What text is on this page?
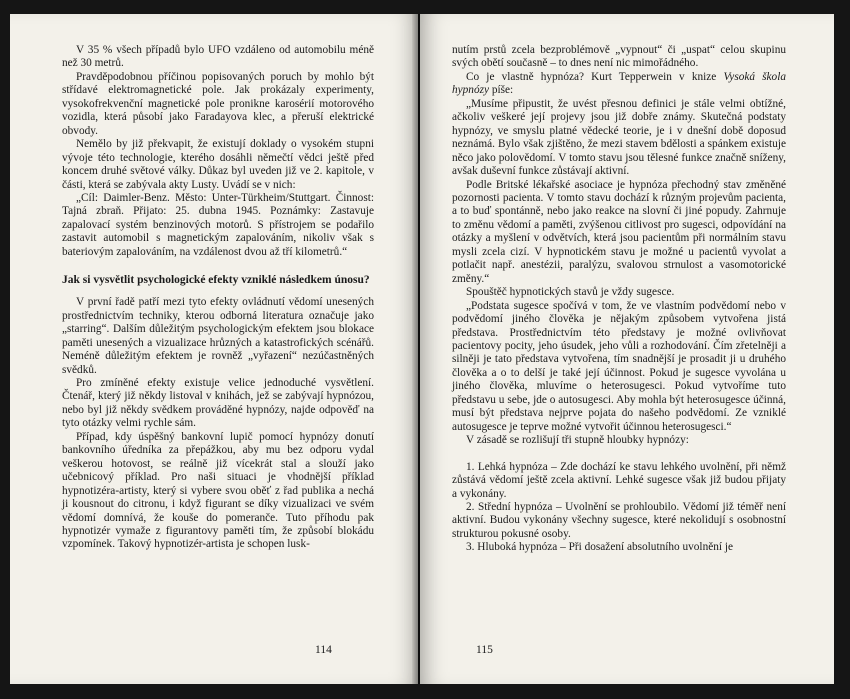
V 35 % všech případů bylo UFO vzdáleno od automobilu méně než 30 metrů.

Pravděpodobnou příčinou popisovaných poruch by mohlo být střídavé elektromagnetické pole. Jak prokázaly experimenty, vysokofrekvenční magnetické pole pronikne karosérií motorového vozidla, která působí jako Faradayova klec, a přeruší elektrické obvody.

Nemělo by již překvapit, že existují doklady o vysokém stupni vývoje této technologie, kterého dosáhli němečtí vědci ještě před koncem druhé světové války. Důkaz byl uveden již ve 2. kapitole, v části, která se zabývala akty Lusty. Uvádí se v nich:

„Cíl: Daimler-Benz. Město: Unter-Türkheim/Stuttgart. Činnost: Tajná zbraň. Přijato: 25. dubna 1945. Poznámky: Zastavuje zapalovací systém benzinových motorů. S přístrojem se podařilo zastavit automobil s magnetickým zapalováním, nikoliv však s bateriovým zapalováním, na vzdálenost dvou až tří kilometrů.“

Jak si vysvětlit psychologické efekty vzniklé následkem únosu?

V první řadě patří mezi tyto efekty ovládnutí vědomí unesených prostřednictvím techniky, kterou odborná literatura označuje jako „starring“. Dalším důležitým psychologickým efektem jsou blokace paměti unesených a vizualizace hrůzných a katastrofických scénářů. Neméně důležitým efektem je rovněž „vyřazení“ nezúčastněných svědků.

Pro zmíněné efekty existuje velice jednoduché vysvětlení. Čtenář, který již někdy listoval v knihách, jež se zabývají hypnózou, nebo byl již někdy svědkem prováděné hypnózy, najde odpověď na tyto otázky velmi rychle sám.

Případ, kdy úspěšný bankovní lupič pomocí hypnózy donutí bankovního úředníka za přepážkou, aby mu bez odporu vydal veškerou hotovost, se reálně již vícekrát stal a slouží jako učebnicový příklad. Pro naši situaci je vhodnější příklad hypnotizéra-artisty, který si vybere svou oběť z řad publika a nechá ji kousnout do citronu, i když figurant se díky vizualizaci ve svém vědomí domnívá, že kouše do pomeranče. Tuto příhodu pak hypnotizér vymaže z figurantovy paměti tím, že způsobí blokádu vzpomínek. Takový hypnotizér-artista je schopen lusk-

114

nutím prstů zcela bezproblémově „vypnout“ či „uspat“ celou skupinu svých obětí současně – to dnes není nic mimořádného.

Co je vlastně hypnóza? Kurt Tepperwein v knize Vysoká škola hypnózy píše:

„Musíme připustit, že uvést přesnou definici je stále velmi obtížné, ačkoliv veškeré její projevy jsou již dobře známy. Skutečná podstaty hypnózy, ve smyslu platné vědecké teorie, je i v dnešní době doposud neznámá. Bylo však zjištěno, že mezi stavem bdělosti a spánkem existuje něco jako polovědomí. V tomto stavu jsou tělesné funkce značně sníženy, avšak duševní funkce zůstávají aktivní.

Podle Britské lékařské asociace je hypnóza přechodný stav změněné pozornosti pacienta. V tomto stavu dochází k různým projevům pacienta, a to buď spontánně, nebo jako reakce na slovní či jiné popudy. Zahrnuje to změnu vědomí a paměti, zvýšenou citlivost pro sugesci, odpovídání na otázky a myšlení v odvětvích, která jsou pacientům při normálním stavu mysli zcela cizí. V hypnotickém stavu je možné u pacientů vyvolat a potlačit např. anestézii, paralýzu, svalovou strnulost a vasomotorické změny.“

Spouštěč hypnotických stavů je vždy sugesce.

„Podstata sugesce spočívá v tom, že ve vlastním podvědomí nebo v podvědomí jiného člověka je nějakým způsobem vytvořena jistá představa. Prostřednictvím této představy je možné ovlivňovat pacientovy pocity, jeho úsudek, jeho vůli a rozhodování. Čím zřetelněji a silněji je tato představa vytvořena, tím snadnější je prosadit ji u druhého člověka a o to delší je také její účinnost. Pokud je sugesce vyvolána u jiného člověka, mluvíme o heterosugesci. Pokud vytvoříme tuto představu u sebe, jde o autosugesci. Aby mohla být heterosugesce účinná, musí být představa nejprve pojata do našeho podvědomí. Ze vzniklé autosugesce je teprve možné vytvořit účinnou heterosugesci.“

V zásadě se rozlišují tři stupně hloubky hypnózy:

1. Lehká hypnóza – Zde dochází ke stavu lehkého uvolnění, při němž zůstává vědomí ještě zcela aktivní. Lehké sugesce však již budou přijaty a vykonány.

2. Střední hypnóza – Uvolnění se prohloubilo. Vědomí již téměř není aktivní. Budou vykonány všechny sugesce, které nekolidují s osobnostní strukturou pokusné osoby.

3. Hluboká hypnóza – Při dosažení absolutního uvolnění je

115
